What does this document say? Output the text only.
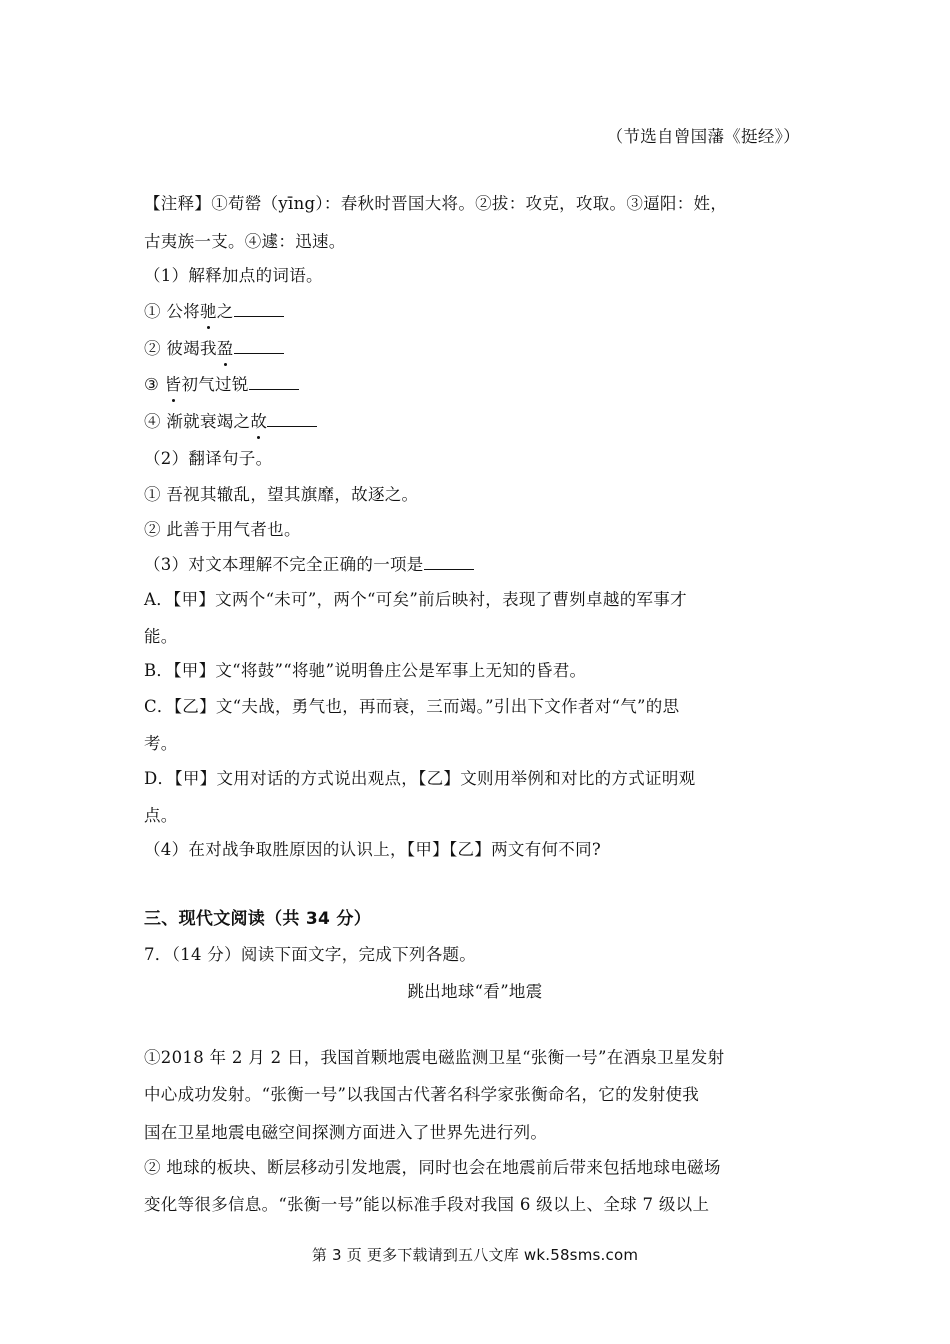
（节选自曾国藩《挺经》）
【注释】①荀罃（yīng）：春秋时晋国大将。②拔：攻克，攻取。③逼阳：姓，
古夷族一支。④遽：迅速。
（1）解释加点的词语。
① 公将驰之
② 彼竭我盈
③ 皆初气过锐
④ 渐就衰竭之故
（2）翻译句子。
① 吾视其辙乱，望其旗靡，故逐之。
② 此善于用气者也。
（3）对文本理解不完全正确的一项是
A．【甲】文两个“未可”，两个“可矣”前后映衬，表现了曹刿卓越的军事才
能。
B．【甲】文“将鼓”“将驰”说明鲁庄公是军事上无知的昏君。
C．【乙】文“夫战，勇气也，再而衰，三而竭。”引出下文作者对“气”的思
考。
D．【甲】文用对话的方式说出观点，【乙】文则用举例和对比的方式证明观
点。
（4）在对战争取胜原因的认识上，【甲】【乙】两文有何不同?
三、现代文阅读（共 34 分）
7．（14 分）阅读下面文字，完成下列各题。
跳出地球“看”地震
①2018 年 2 月 2 日，我国首颗地震电磁监测卫星“张衡一号”在酒泉卫星发射
中心成功发射。“张衡一号”以我国古代著名科学家张衡命名，它的发射使我
国在卫星地震电磁空间探测方面进入了世界先进行列。
② 地球的板块、断层移动引发地震，同时也会在地震前后带来包括地球电磁场
变化等很多信息。“张衡一号”能以标准手段对我国 6 级以上、全球 7 级以上
第 3 页 更多下载请到五八文库 wk.58sms.com
